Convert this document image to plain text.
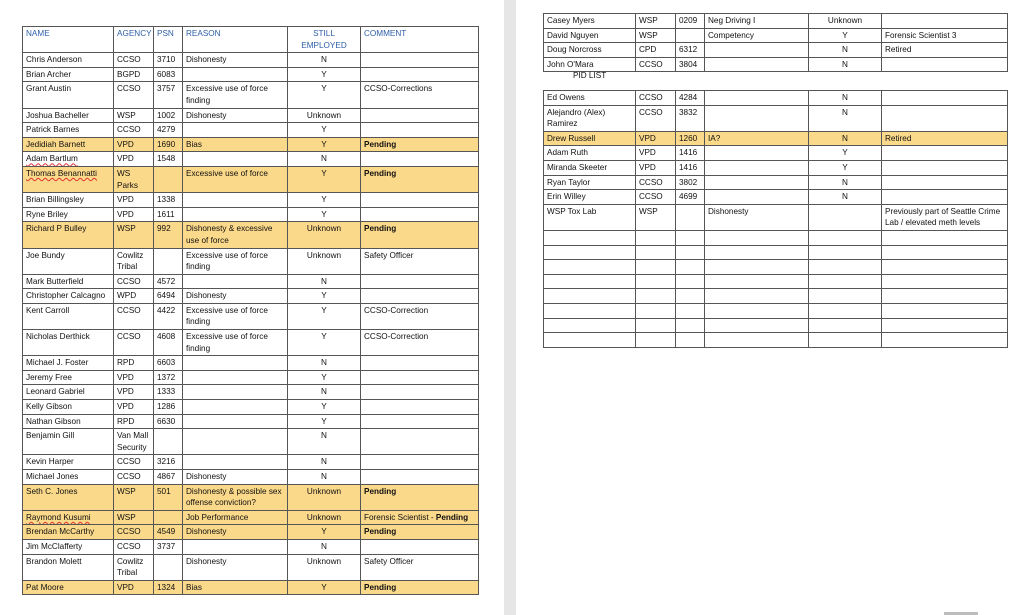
NAME	AGENCY	PSN	REASON	STILL EMPLOYED	COMMENT
Chris Anderson	CCSO	3710	Dishonesty	N	
Brian Archer	BGPD	6083		Y	
Grant Austin	CCSO	3757	Excessive use of force finding	Y	CCSO-Corrections
Joshua Bacheller	WSP	1002	Dishonesty	Unknown	
Patrick Barnes	CCSO	4279		Y	
Jedidiah Barnett	VPD	1690	Bias	Y	Pending
Adam Bartlum	VPD	1548		N	
Thomas Benannatti	WS Parks		Excessive use of force	Y	Pending
Brian Billingsley	VPD	1338		Y	
Ryne Briley	VPD	1611		Y	
Richard P Bulley	WSP	992	Dishonesty & excessive use of force	Unknown	Pending
Joe Bundy	Cowlitz Tribal		Excessive use of force finding	Unknown	Safety Officer
Mark Butterfield	CCSO	4572		N	
Christopher Calcagno	WPD	6494	Dishonesty	Y	
Kent Carroll	CCSO	4422	Excessive use of force finding	Y	CCSO-Correction
Nicholas Derthick	CCSO	4608	Excessive use of force finding	Y	CCSO-Correction
Michael J. Foster	RPD	6603		N	
Jeremy Free	VPD	1372		Y	
Leonard Gabriel	VPD	1333		N	
Kelly Gibson	VPD	1286		Y	
Nathan Gibson	RPD	6630		Y	
Benjamin Gill	Van Mall Security			N	
Kevin Harper	CCSO	3216		N	
Michael Jones	CCSO	4867	Dishonesty	N	
Seth C. Jones	WSP	501	Dishonesty & possible sex offense conviction?	Unknown	Pending
Raymond Kusumi	WSP		Job Performance	Unknown	Forensic Scientist - Pending
Brendan McCarthy	CCSO	4549	Dishonesty	Y	Pending
Jim McClafferty	CCSO	3737		N	
Brandon Molett	Cowlitz Tribal		Dishonesty	Unknown	Safety Officer
Pat Moore	VPD	1324	Bias	Y	Pending
Casey Myers	WSP	0209	Neg Driving I	Unknown	
David Nguyen	WSP		Competency	Y	Forensic Scientist 3
Doug Norcross	CPD	6312		N	Retired
John O'Mara	CCSO	3804		N	
PID LIST
Ed Owens	CCSO	4284		N	
Alejandro (Alex) Ramirez	CCSO	3832		N	
Drew Russell	VPD	1260	IA?	N	Retired
Adam Ruth	VPD	1416		Y	
Miranda Skeeter	VPD	1416		Y	
Ryan Taylor	CCSO	3802		N	
Erin Willey	CCSO	4699		N	
WSP Tox Lab	WSP		Dishonesty		Previously part of Seattle Crime Lab / elevated meth levels
